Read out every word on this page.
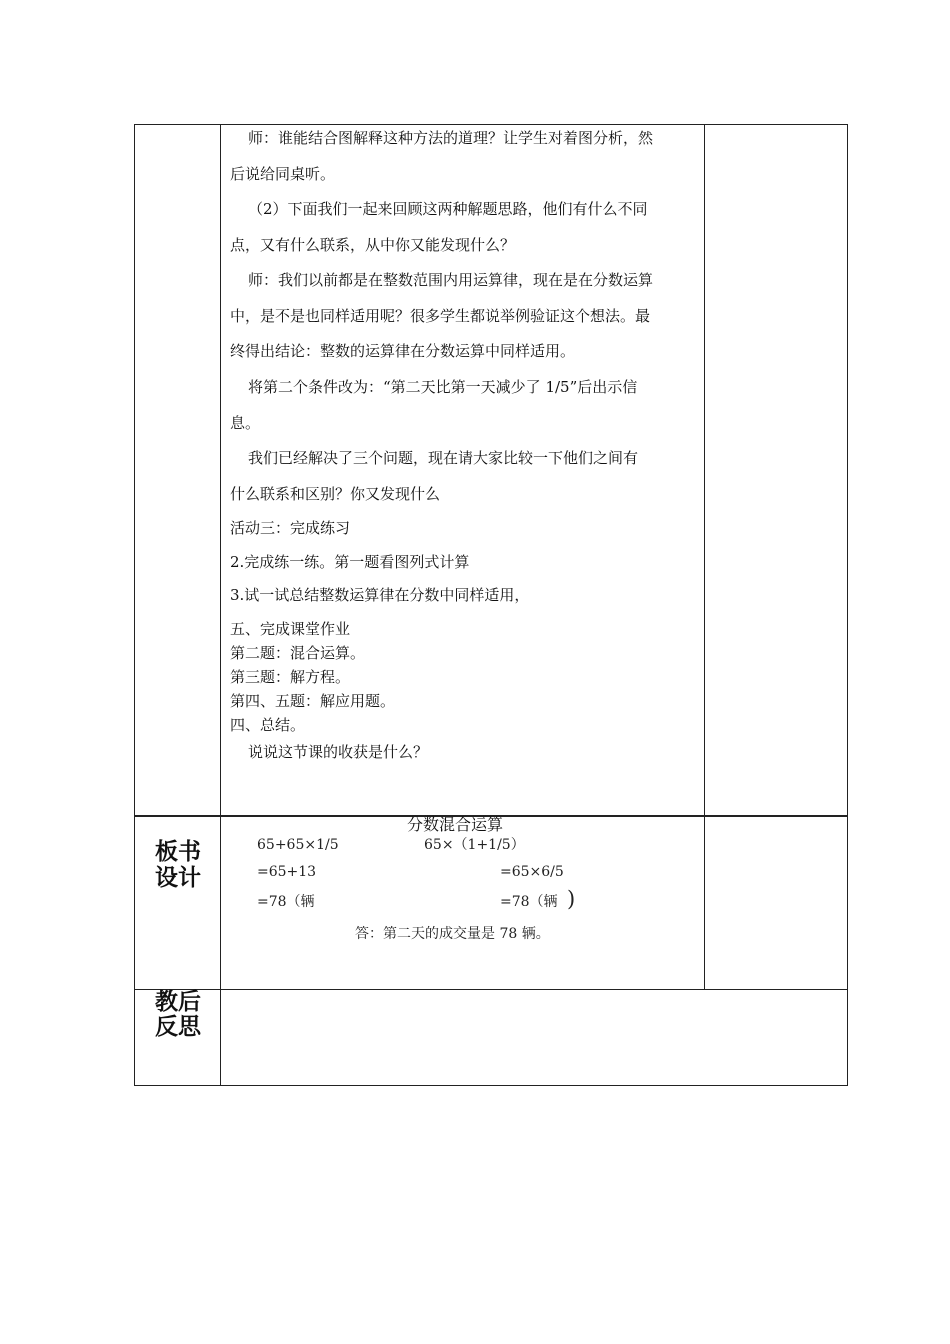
师：谁能结合图解释这种方法的道理？让学生对着图分析，然
后说给同桌听。
（2）下面我们一起来回顾这两种解题思路，他们有什么不同
点，又有什么联系，从中你又能发现什么？
师：我们以前都是在整数范围内用运算律，现在是在分数运算
中，是不是也同样适用呢？很多学生都说举例验证这个想法。最
终得出结论：整数的运算律在分数运算中同样适用。
将第二个条件改为：“第二天比第一天减少了 1/5”后出示信
息。
我们已经解决了三个问题，现在请大家比较一下他们之间有
什么联系和区别？你又发现什么
活动三：完成练习
2.完成练一练。第一题看图列式计算
3.试一试总结整数运算律在分数中同样适用，
五、完成课堂作业
第二题：混合运算。
第三题：解方程。
第四、五题：解应用题。
四、总结。
说说这节课的收获是什么？
板书
设计
分数混合运算
65+65×1/5
=65+13
=78（辆
65×（1+1/5）
=65×6/5
=78（辆 )
答：第二天的成交量是 78 辆。
教后
反思
